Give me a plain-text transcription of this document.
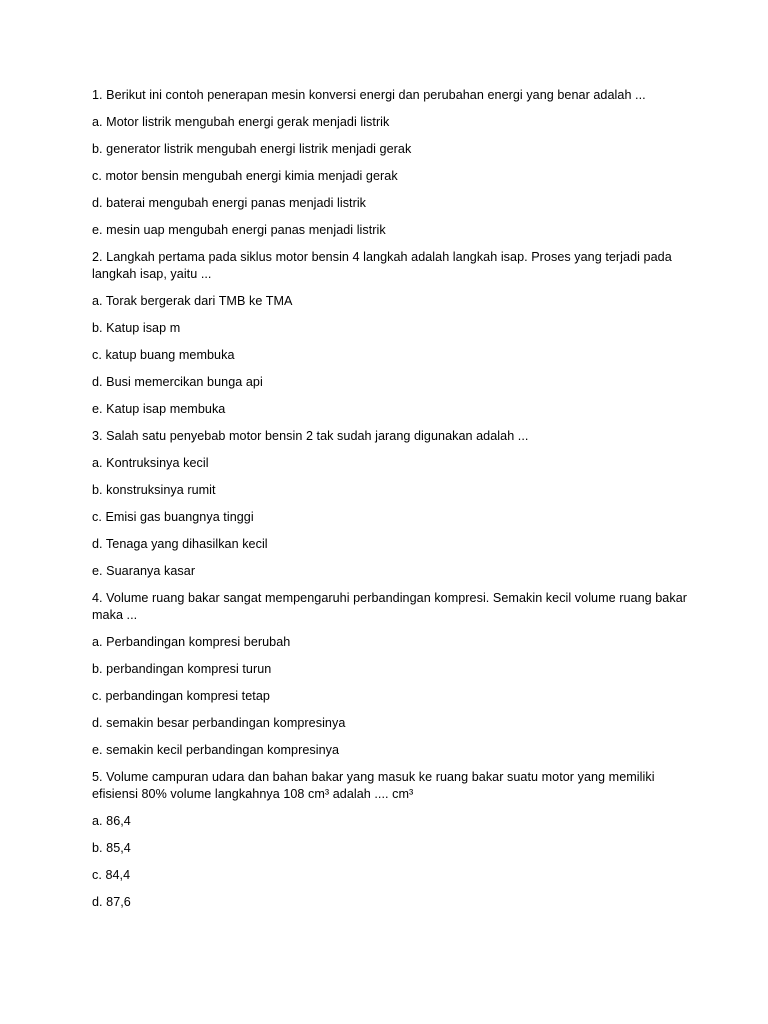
1. Berikut ini contoh penerapan mesin konversi energi dan perubahan energi yang benar adalah ...

a. Motor listrik mengubah energi gerak menjadi listrik

b. generator listrik mengubah energi listrik menjadi gerak

c. motor bensin mengubah energi kimia menjadi gerak

d. baterai mengubah energi panas menjadi listrik

e. mesin uap mengubah energi panas menjadi listrik

2. Langkah pertama pada siklus motor bensin 4 langkah adalah langkah isap. Proses yang terjadi pada langkah isap, yaitu ...

a. Torak bergerak dari TMB ke TMA

b. Katup isap m

c. katup buang membuka

d. Busi memercikan bunga api

e. Katup isap membuka

3. Salah satu penyebab motor bensin 2 tak sudah jarang digunakan adalah ...

a. Kontruksinya kecil

b. konstruksinya rumit

c. Emisi gas buangnya tinggi

d. Tenaga yang dihasilkan kecil

e. Suaranya kasar

4. Volume ruang bakar sangat mempengaruhi perbandingan kompresi. Semakin kecil volume ruang bakar maka ...

a. Perbandingan kompresi berubah

b. perbandingan kompresi turun

c. perbandingan kompresi tetap

d. semakin besar perbandingan kompresinya

e. semakin kecil perbandingan kompresinya

5. Volume campuran udara dan bahan bakar yang masuk ke ruang bakar suatu motor yang memiliki efisiensi 80% volume langkahnya 108 cm³ adalah .... cm³

a. 86,4

b. 85,4

c. 84,4

d. 87,6
